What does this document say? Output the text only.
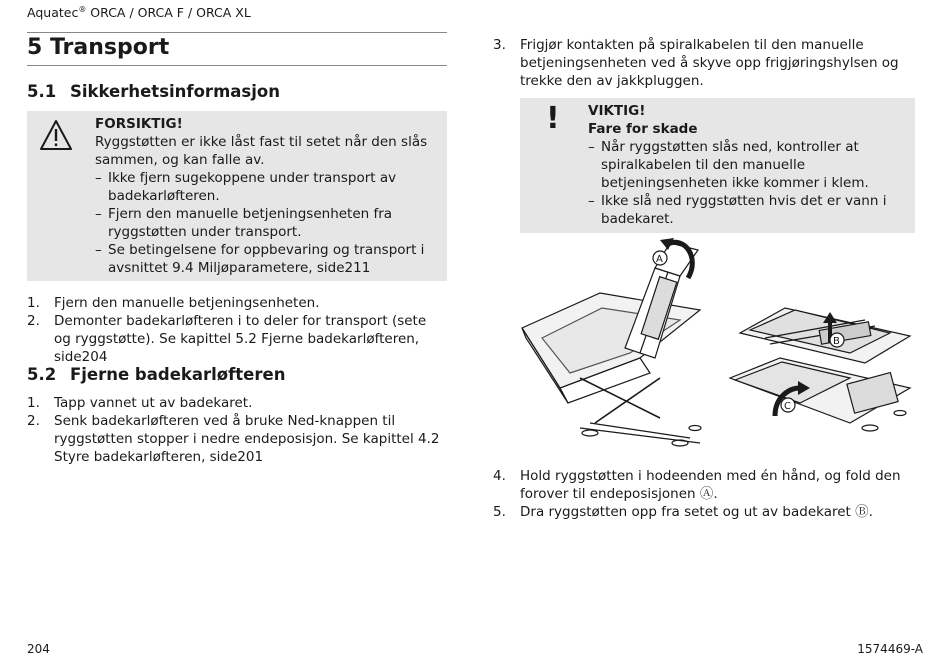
Aquatec® ORCA / ORCA F / ORCA XL
5 Transport
5.1 Sikkerhetsinformasjon
FORSIKTIG!
Ryggstøtten er ikke låst fast til setet når den slås sammen, og kan falle av.
– Ikke fjern sugekoppene under transport av badekarløfteren.
– Fjern den manuelle betjeningsenheten fra ryggstøtten under transport.
– Se betingelsene for oppbevaring og transport i avsnittet 9.4 Miljøparametere, side211
1.	Fjern den manuelle betjeningsenheten.
2.	Demonter badekarløfteren i to deler for transport (sete og ryggstøtte). Se kapittel 5.2 Fjerne badekarløfteren, side204
5.2 Fjerne badekarløfteren
1.	Tapp vannet ut av badekaret.
2.	Senk badekarløfteren ved å bruke Ned-knappen til ryggstøtten stopper i nedre endeposisjon. Se kapittel 4.2 Styre badekarløfteren, side201
3.	Frigjør kontakten på spiralkabelen til den manuelle betjeningsenheten ved å skyve opp frigjøringshylsen og trekke den av jakkpluggen.
! VIKTIG!
Fare for skade
– Når ryggstøtten slås ned, kontroller at spiralkabelen til den manuelle betjeningsenheten ikke kommer i klem.
– Ikke slå ned ryggstøtten hvis det er vann i badekaret.
A
B
C
4.	Hold ryggstøtten i hodeenden med én hånd, og fold den forover til endeposisjonen Ⓐ.
5.	Dra ryggstøtten opp fra setet og ut av badekaret Ⓑ.
204	1574469-A
